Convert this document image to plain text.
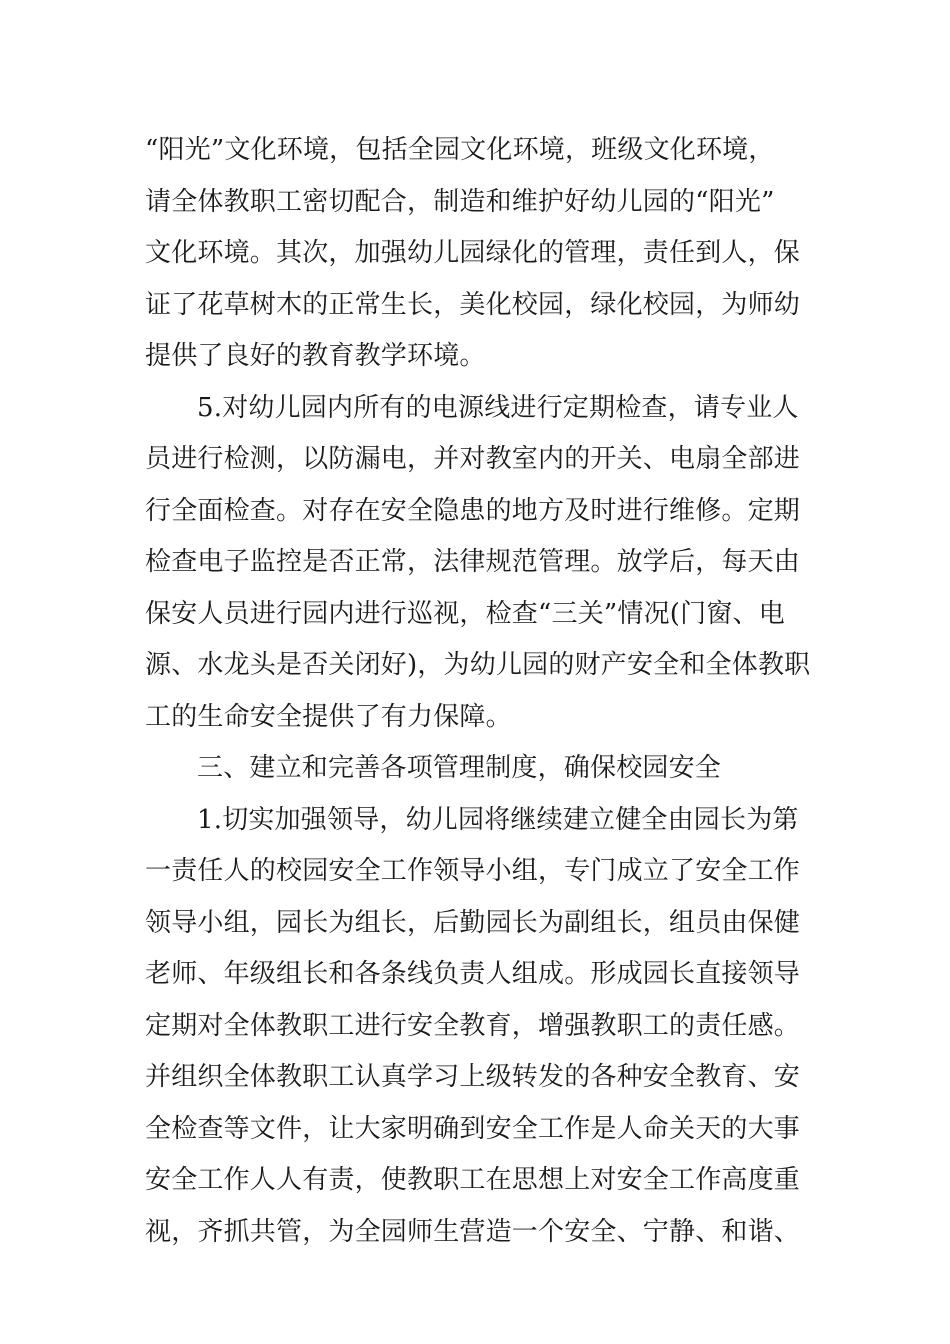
“阳光”文化环境，包括全园文化环境，班级文化环境，
请全体教职工密切配合，制造和维护好幼儿园的“阳光”
文化环境。其次，加强幼儿园绿化的管理，责任到人，保
证了花草树木的正常生长，美化校园，绿化校园，为师幼
提供了良好的教育教学环境。
5.对幼儿园内所有的电源线进行定期检查，请专业人
员进行检测，以防漏电，并对教室内的开关、电扇全部进
行全面检查。对存在安全隐患的地方及时进行维修。定期
检查电子监控是否正常，法律规范管理。放学后，每天由
保安人员进行园内进行巡视，检查“三关”情况(门窗、电
源、水龙头是否关闭好)，为幼儿园的财产安全和全体教职
工的生命安全提供了有力保障。
三、建立和完善各项管理制度，确保校园安全
1.切实加强领导，幼儿园将继续建立健全由园长为第
一责任人的校园安全工作领导小组，专门成立了安全工作
领导小组，园长为组长，后勤园长为副组长，组员由保健
老师、年级组长和各条线负责人组成。形成园长直接领导
定期对全体教职工进行安全教育，增强教职工的责任感。
并组织全体教职工认真学习上级转发的各种安全教育、安
全检查等文件，让大家明确到安全工作是人命关天的大事
安全工作人人有责，使教职工在思想上对安全工作高度重
视，齐抓共管，为全园师生营造一个安全、宁静、和谐、
